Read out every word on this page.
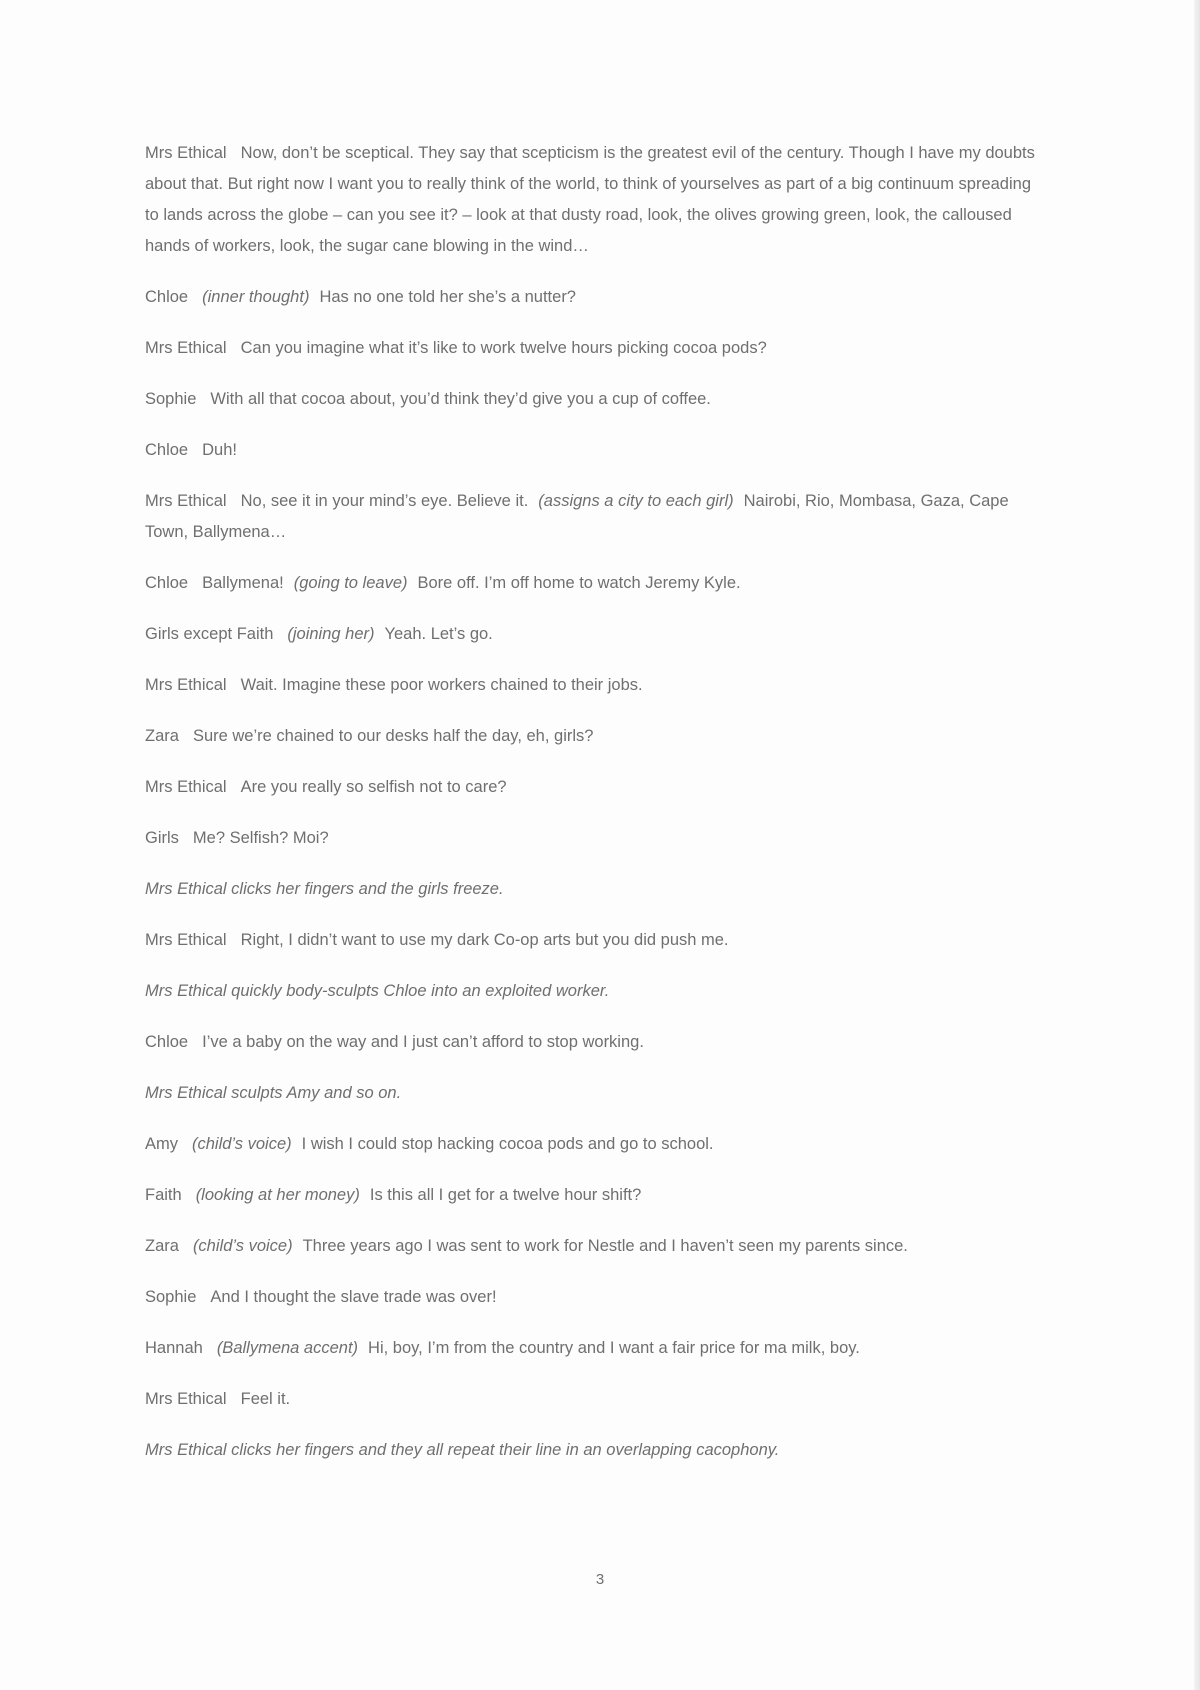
Mrs Ethical Now, don’t be sceptical. They say that scepticism is the greatest evil of the century. Though I have my doubts about that. But right now I want you to really think of the world, to think of yourselves as part of a big continuum spreading to lands across the globe – can you see it? – look at that dusty road, look, the olives growing green, look, the calloused hands of workers, look, the sugar cane blowing in the wind…

Chloe (inner thought) Has no one told her she’s a nutter?

Mrs Ethical Can you imagine what it’s like to work twelve hours picking cocoa pods?

Sophie With all that cocoa about, you’d think they’d give you a cup of coffee.

Chloe Duh!

Mrs Ethical No, see it in your mind’s eye. Believe it. (assigns a city to each girl) Nairobi, Rio, Mombasa, Gaza, Cape Town, Ballymena…

Chloe Ballymena! (going to leave) Bore off. I’m off home to watch Jeremy Kyle.

Girls except Faith (joining her) Yeah. Let’s go.

Mrs Ethical Wait. Imagine these poor workers chained to their jobs.

Zara Sure we’re chained to our desks half the day, eh, girls?

Mrs Ethical Are you really so selfish not to care?

Girls Me? Selfish? Moi?

Mrs Ethical clicks her fingers and the girls freeze.

Mrs Ethical Right, I didn’t want to use my dark Co-op arts but you did push me.

Mrs Ethical quickly body-sculpts Chloe into an exploited worker.

Chloe I’ve a baby on the way and I just can’t afford to stop working.

Mrs Ethical sculpts Amy and so on.

Amy (child’s voice) I wish I could stop hacking cocoa pods and go to school.

Faith (looking at her money) Is this all I get for a twelve hour shift?

Zara (child’s voice) Three years ago I was sent to work for Nestle and I haven’t seen my parents since.

Sophie And I thought the slave trade was over!

Hannah (Ballymena accent) Hi, boy, I’m from the country and I want a fair price for ma milk, boy.

Mrs Ethical Feel it.

Mrs Ethical clicks her fingers and they all repeat their line in an overlapping cacophony.

3
